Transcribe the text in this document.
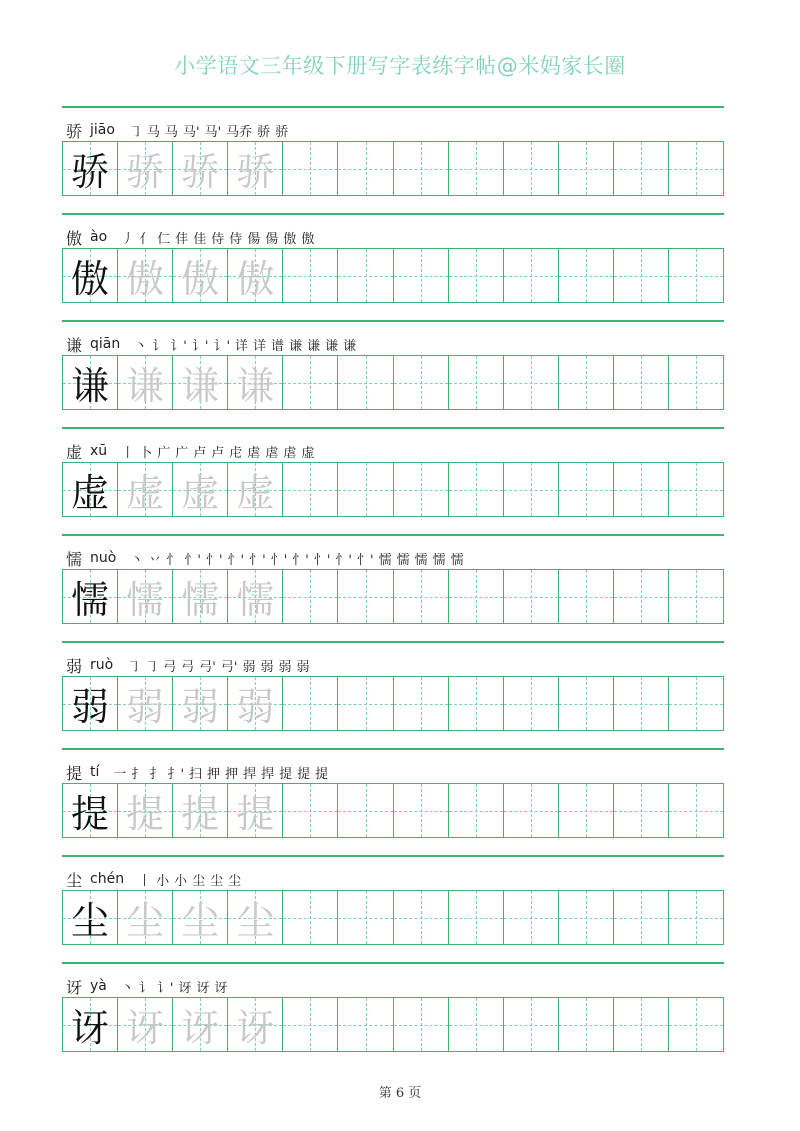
小学语文三年级下册写字表练字帖@米妈家长圈
骄 jiāo ㇆ 马 马 马' 马' 马乔 骄 骄
骄 骄 骄 骄
傲 ào 丿 亻 仁 仹 佳 侍 侍 偒 偒 傲 傲
傲 傲 傲 傲
谦 qiān 丶 讠 讠' 讠' 讠' 详 详 谱 谦 谦 谦 谦
谦 谦 谦 谦
虚 xū 丨 卜 广 广 卢 卢 虍 虐 虐 虐 虚
虚 虚 虚 虚
懦 nuò 丶 丷 忄 忄' 忄' 忄' 忄' 忄' 忄' 忄' 忄' 忄' 懦 懦 懦 懦 懦
懦 懦 懦 懦
弱 ruò ㇆ ㇆ 弓 弓 弓' 弓' 弱 弱 弱 弱
弱 弱 弱 弱
提 tí 一 扌 扌 扌' 扫 押 押 捍 捍 提 提 提
提 提 提 提
尘 chén 丨 小 小 尘 尘 尘
尘 尘 尘 尘
讶 yà 丶 讠 讠' 讶 讶 讶
讶 讶 讶 讶
第 6 页
